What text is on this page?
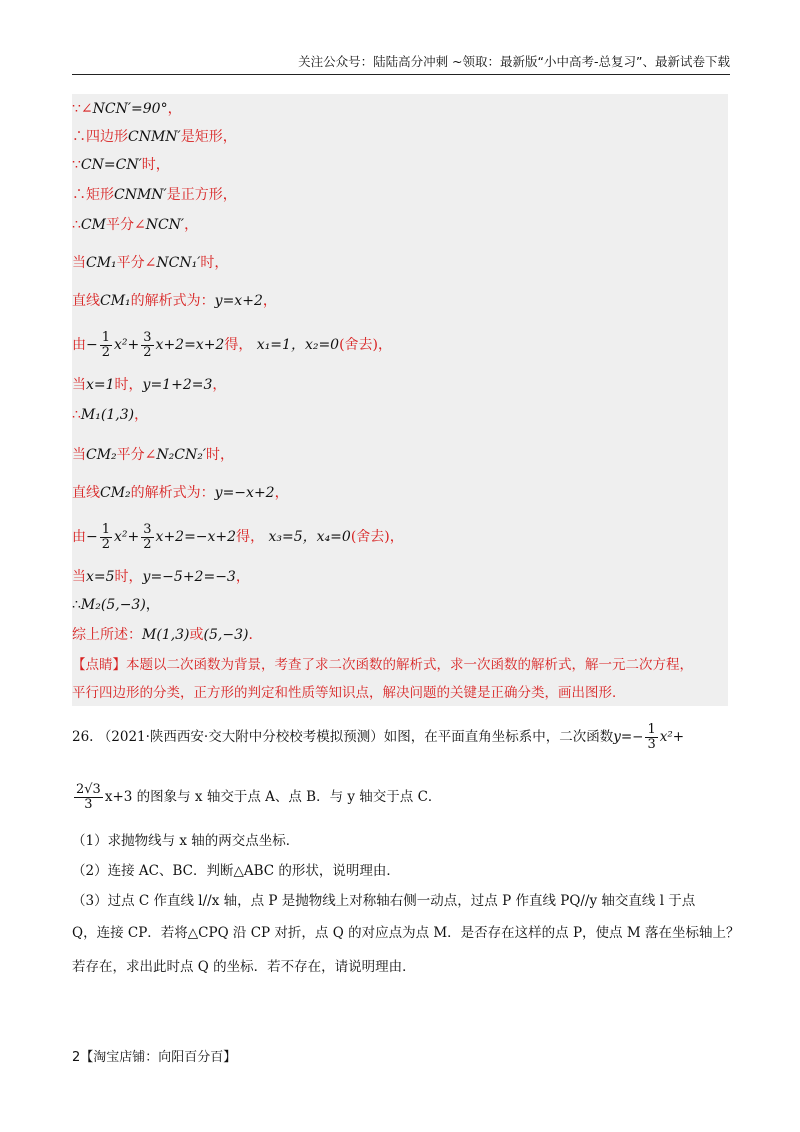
关注公众号：陆陆高分冲刺 ~领取：最新版“小中高考-总复习”、最新试卷下载
∵∠NCN′=90°，
∴四边形CNMN′是矩形，
∵CN=CN′时，
∴矩形CNMN′是正方形，
∴CM平分∠NCN′，
当CM₁平分∠NCN₁′时，
直线CM₁的解析式为：y=x+2，
由− $\frac{1}{2} x^2+ \frac{3}{2} x+2=x+2$得， x₁=1，x₂=0(舍去)，
当x=1时，y=1+2=3，
∴M₁(1,3)，
当CM₂平分∠N₂CN₂′时，
直线CM₂的解析式为：y=−x+2，
由− $\frac{1}{2} x^2+ \frac{3}{2} x+2=-x+2$得， x₃=5，x₄=0(舍去)，
当x=5时，y=−5+2=−3，
∴M₂(5,−3)，
综上所述：M(1,3)或(5,−3)．
【点睛】本题以二次函数为背景，考查了求二次函数的解析式，求一次函数的解析式，解一元二次方程，
平行四边形的分类，正方形的判定和性质等知识点，解决问题的关键是正确分类，画出图形．
26. （2021·陕西西安·交大附中分校校考模拟预测）如图，在平面直角坐标系中，二次函数$y=- \frac{1}{3} x^2+$
$\frac{2√3}{3} x+3$ 的图象与 x 轴交于点 A、点 B．与 y 轴交于点 C．
（1）求抛物线与 x 轴的两交点坐标．
（2）连接 AC、BC．判断△ABC 的形状，说明理由．
（3）过点 C 作直线 l//x 轴，点 P 是抛物线上对称轴右侧一动点，过点 P 作直线 PQ//y 轴交直线 l 于点
Q，连接 CP．若将△CPQ 沿 CP 对折，点 Q 的对应点为点 M．是否存在这样的点 P，使点 M 落在坐标轴上？
若存在，求出此时点 Q 的坐标．若不存在，请说明理由．
2【淘宝店铺：向阳百分百】
